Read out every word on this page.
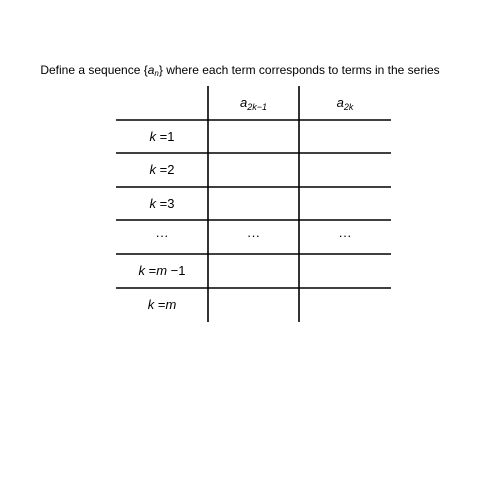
Define a sequence $\{a_n\}$ where each term corresponds to terms in the series
$a_{2k-1}$	$a_{2k}$
k =1
k =2
k =3
···
k =m −1
k =m
···	···
